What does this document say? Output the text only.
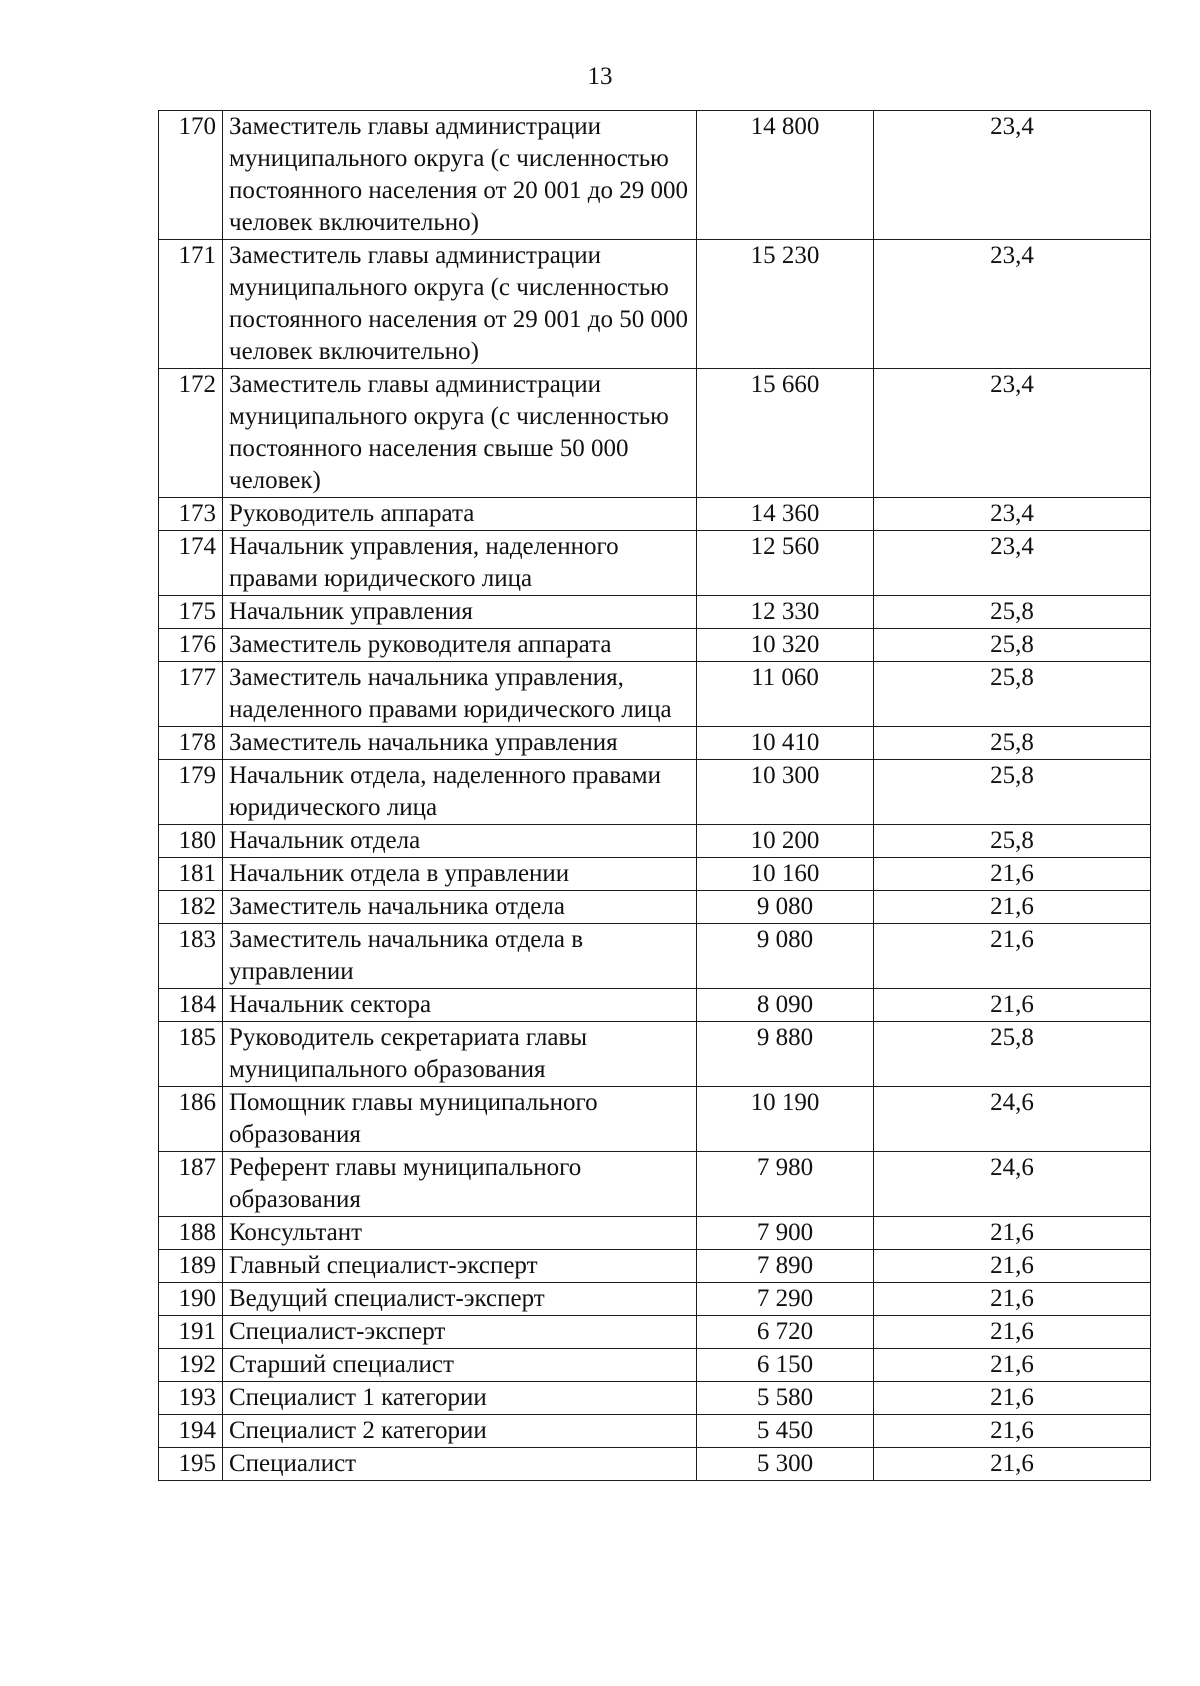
13
170	Заместитель главы администрации муниципального округа (с численностью постоянного населения от 20 001 до 29 000 человек включительно)	14 800	23,4
171	Заместитель главы администрации муниципального округа (с численностью постоянного населения от 29 001 до 50 000 человек включительно)	15 230	23,4
172	Заместитель главы администрации муниципального округа (с численностью постоянного населения свыше 50 000 человек)	15 660	23,4
173	Руководитель аппарата	14 360	23,4
174	Начальник управления, наделенного правами юридического лица	12 560	23,4
175	Начальник управления	12 330	25,8
176	Заместитель руководителя аппарата	10 320	25,8
177	Заместитель начальника управления, наделенного правами юридического лица	11 060	25,8
178	Заместитель начальника управления	10 410	25,8
179	Начальник отдела, наделенного правами юридического лица	10 300	25,8
180	Начальник отдела	10 200	25,8
181	Начальник отдела в управлении	10 160	21,6
182	Заместитель начальника отдела	9 080	21,6
183	Заместитель начальника отдела в управлении	9 080	21,6
184	Начальник сектора	8 090	21,6
185	Руководитель секретариата главы муниципального образования	9 880	25,8
186	Помощник главы муниципального образования	10 190	24,6
187	Референт главы муниципального образования	7 980	24,6
188	Консультант	7 900	21,6
189	Главный специалист-эксперт	7 890	21,6
190	Ведущий специалист-эксперт	7 290	21,6
191	Специалист-эксперт	6 720	21,6
192	Старший специалист	6 150	21,6
193	Специалист 1 категории	5 580	21,6
194	Специалист 2 категории	5 450	21,6
195	Специалист	5 300	21,6
